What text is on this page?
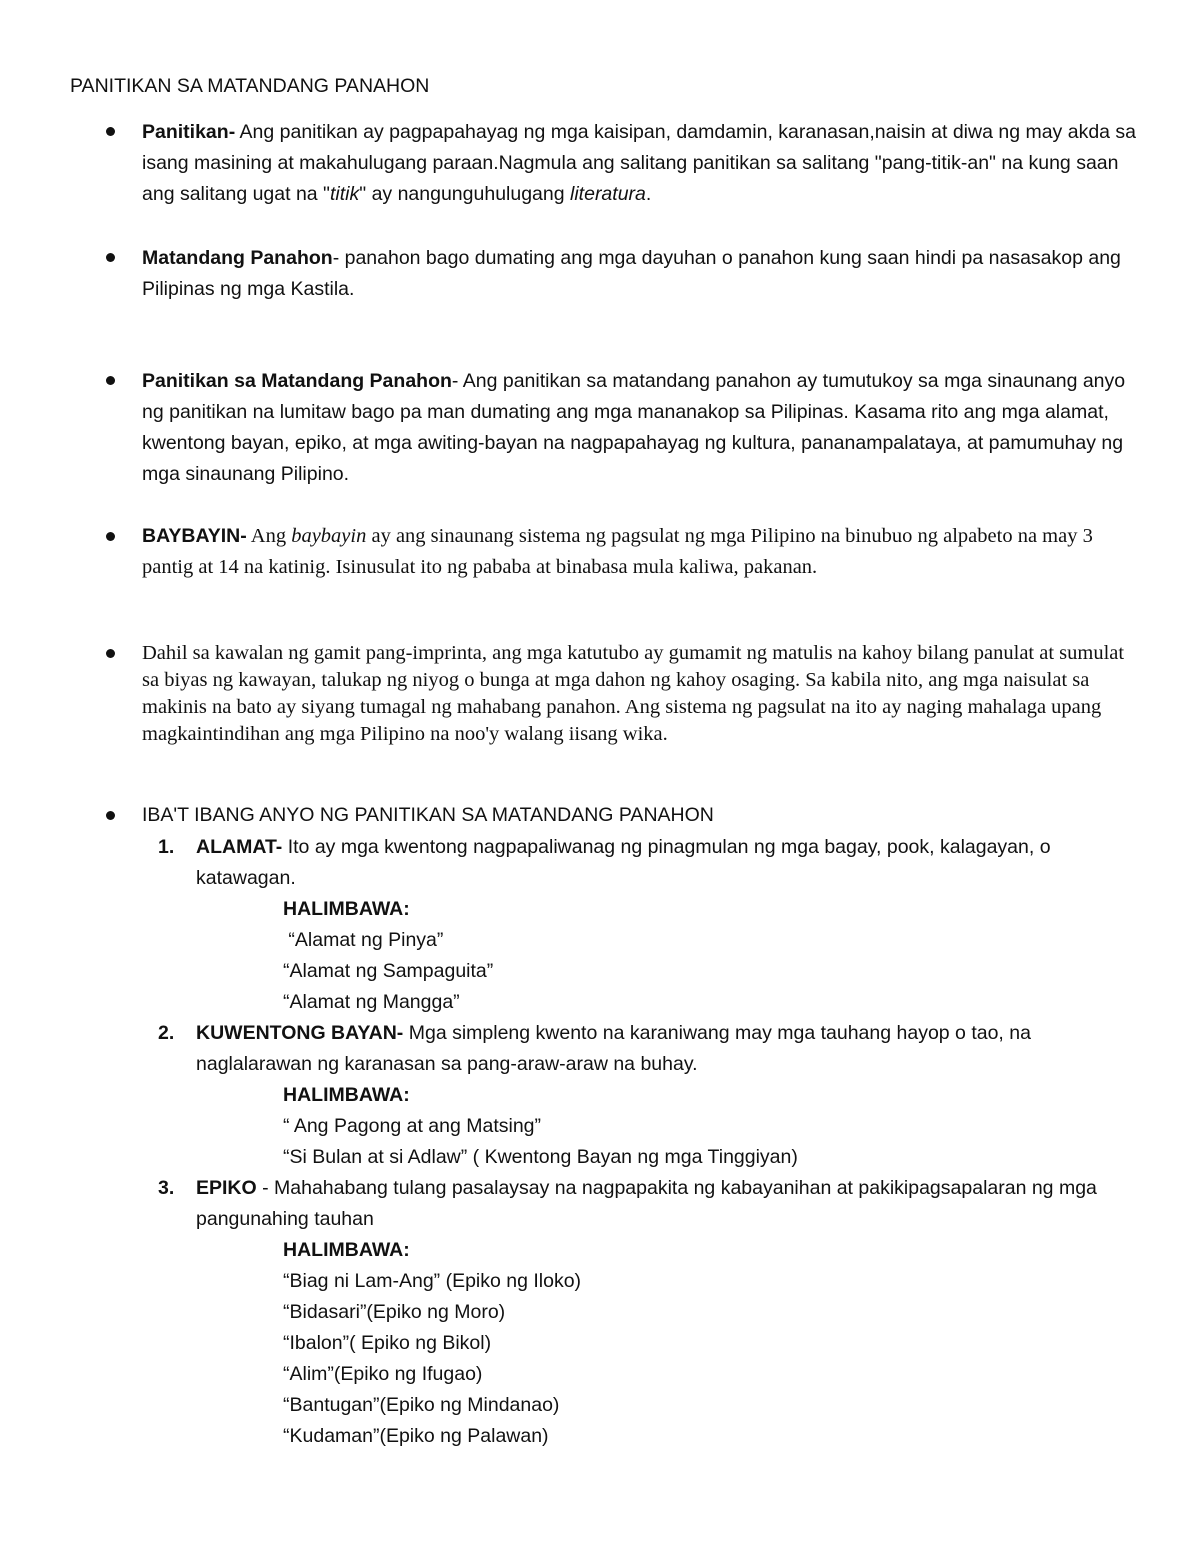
PANITIKAN SA MATANDANG PANAHON
Panitikan- Ang panitikan ay pagpapahayag ng mga kaisipan, damdamin, karanasan,naisin at diwa ng may akda sa isang masining at makahulugang paraan.Nagmula ang salitang panitikan sa salitang "pang-titik-an" na kung saan ang salitang ugat na "titik" ay nangunguhulugang literatura.
Matandang Panahon- panahon bago dumating ang mga dayuhan o panahon kung saan hindi pa nasasakop ang Pilipinas ng mga Kastila.
Panitikan sa Matandang Panahon- Ang panitikan sa matandang panahon ay tumutukoy sa mga sinaunang anyo ng panitikan na lumitaw bago pa man dumating ang mga mananakop sa Pilipinas. Kasama rito ang mga alamat, kwentong bayan, epiko, at mga awiting-bayan na nagpapahayag ng kultura, pananampalataya, at pamumuhay ng mga sinaunang Pilipino.
BAYBAYIN- Ang baybayin ay ang sinaunang sistema ng pagsulat ng mga Pilipino na binubuo ng alpabeto na may 3 pantig at 14 na katinig. Isinusulat ito ng pababa at binabasa mula kaliwa, pakanan.
Dahil sa kawalan ng gamit pang-imprinta, ang mga katutubo ay gumamit ng matulis na kahoy bilang panulat at sumulat sa biyas ng kawayan, talukap ng niyog o bunga at mga dahon ng kahoy osaging. Sa kabila nito, ang mga naisulat sa makinis na bato ay siyang tumagal ng mahabang panahon. Ang sistema ng pagsulat na ito ay naging mahalaga upang magkaintindihan ang mga Pilipino na noo'y walang iisang wika.
IBA'T IBANG ANYO NG PANITIKAN SA MATANDANG PANAHON
1. ALAMAT- Ito ay mga kwentong nagpapaliwanag ng pinagmulan ng mga bagay, pook, kalagayan, o katawagan.
HALIMBAWA:
“Alamat ng Pinya”
“Alamat ng Sampaguita”
“Alamat ng Mangga”
2. KUWENTONG BAYAN- Mga simpleng kwento na karaniwang may mga tauhang hayop o tao, na naglalarawan ng karanasan sa pang-araw-araw na buhay.
HALIMBAWA:
“ Ang Pagong at ang Matsing”
“Si Bulan at si Adlaw” ( Kwentong Bayan ng mga Tinggiyan)
3. EPIKO - Mahahabang tulang pasalaysay na nagpapakita ng kabayanihan at pakikipagsapalaran ng mga pangunahing tauhan
HALIMBAWA:
“Biag ni Lam-Ang” (Epiko ng Iloko)
“Bidasari”(Epiko ng Moro)
“Ibalon”( Epiko ng Bikol)
“Alim”(Epiko ng Ifugao)
“Bantugan”(Epiko ng Mindanao)
“Kudaman”(Epiko ng Palawan)
